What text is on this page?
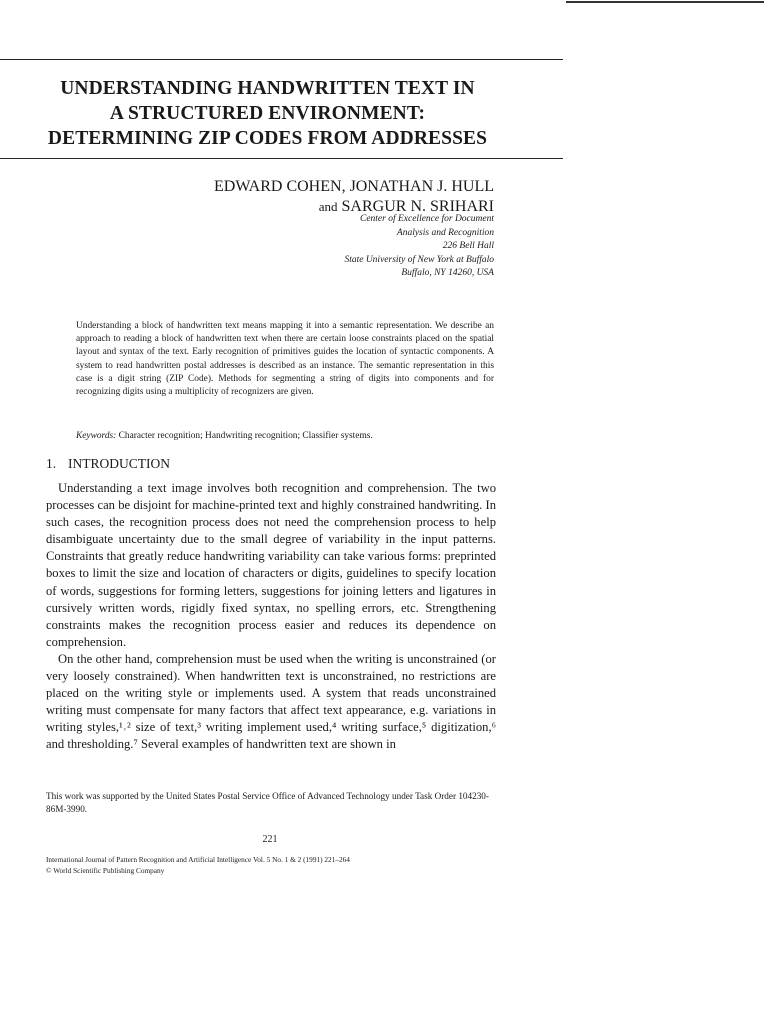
UNDERSTANDING HANDWRITTEN TEXT IN
A STRUCTURED ENVIRONMENT:
DETERMINING ZIP CODES FROM ADDRESSES
EDWARD COHEN, JONATHAN J. HULL
and SARGUR N. SRIHARI
Center of Excellence for Document
Analysis and Recognition
226 Bell Hall
State University of New York at Buffalo
Buffalo, NY 14260, USA
Understanding a block of handwritten text means mapping it into a semantic representation. We describe an approach to reading a block of handwritten text when there are certain loose constraints placed on the spatial layout and syntax of the text. Early recognition of primitives guides the location of syntactic components. A system to read handwritten postal addresses is described as an instance. The semantic representation in this case is a digit string (ZIP Code). Methods for segmenting a string of digits into components and for recognizing digits using a multiplicity of recognizers are given.
Keywords: Character recognition; Handwriting recognition; Classifier systems.
1. INTRODUCTION

Understanding a text image involves both recognition and comprehension. The two processes can be disjoint for machine-printed text and highly constrained handwriting. In such cases, the recognition process does not need the comprehension process to help disambiguate uncertainty due to the small degree of variability in the input patterns. Constraints that greatly reduce handwriting variability can take various forms: preprinted boxes to limit the size and location of characters or digits, guidelines to specify location of words, suggestions for forming letters, suggestions for joining letters and ligatures in cursively written words, rigidly fixed syntax, no spelling errors, etc. Strengthening constraints makes the recognition process easier and reduces its dependence on comprehension.

On the other hand, comprehension must be used when the writing is unconstrained (or very loosely constrained). When handwritten text is unconstrained, no restrictions are placed on the writing style or implements used. A system that reads unconstrained writing must compensate for many factors that affect text appearance, e.g. variations in writing styles,¹˒² size of text,³ writing implement used,⁴ writing surface,⁵ digitization,⁶ and thresholding.⁷ Several examples of handwritten text are shown in

This work was supported by the United States Postal Service Office of Advanced Technology under Task Order 104230-86M-3990.
221
International Journal of Pattern Recognition and Artificial Intelligence Vol. 5 No. 1 & 2 (1991) 221–264
© World Scientific Publishing Company
